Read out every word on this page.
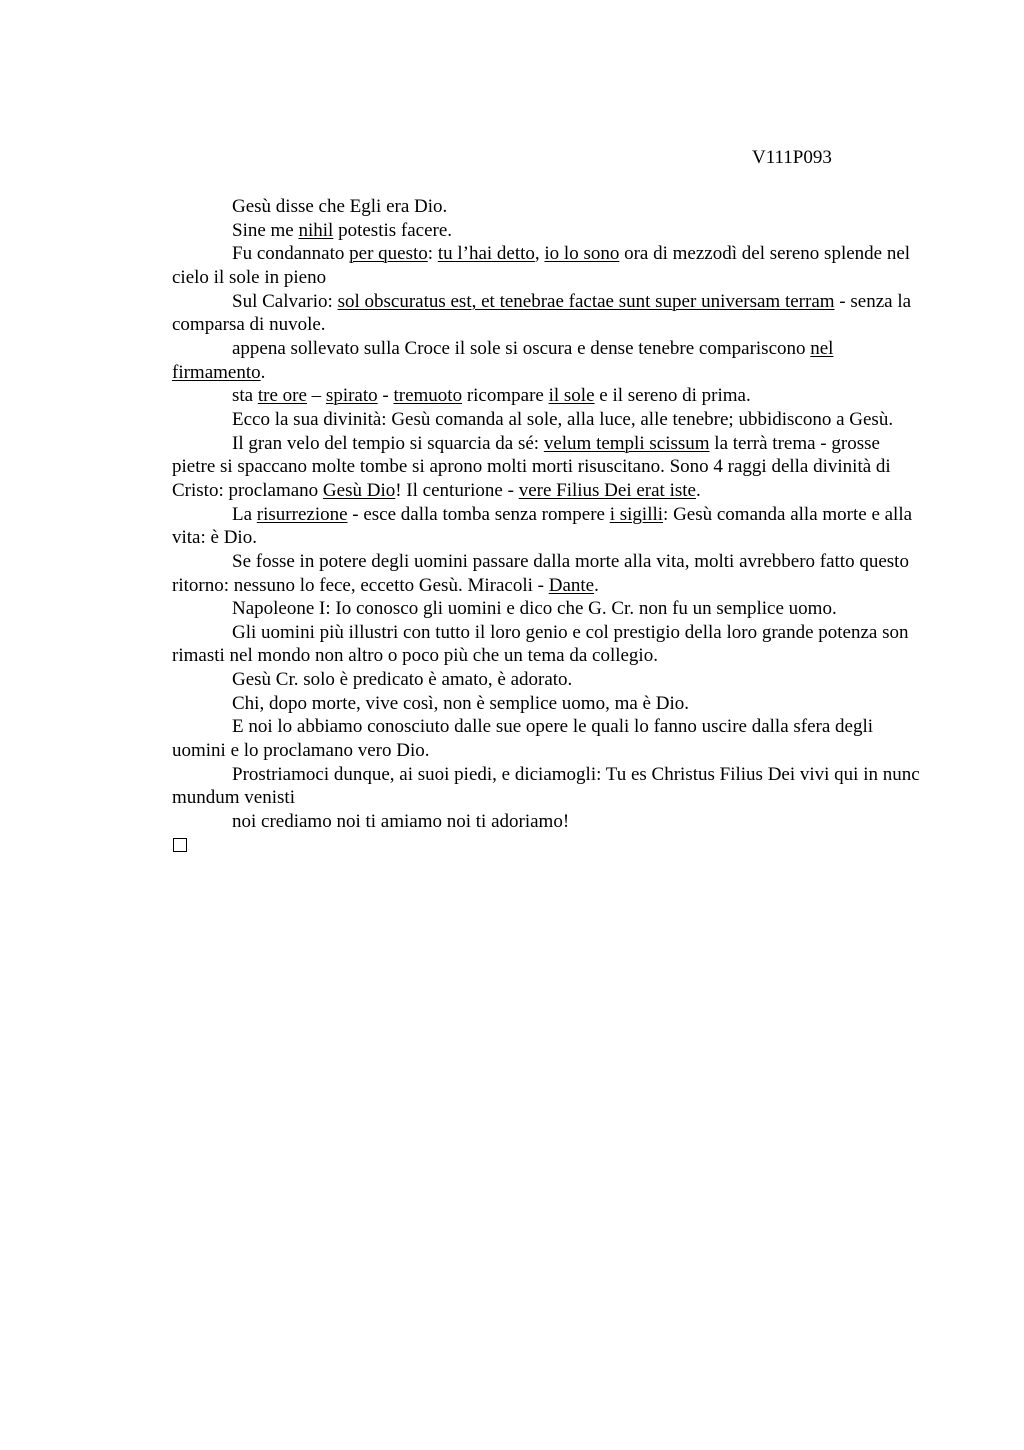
V111P093

Gesù disse che Egli era Dio.

Sine me nihil potestis facere.

Fu condannato per questo: tu l’hai detto, io lo sono ora di mezzodì del sereno splende nel cielo il sole in pieno

Sul Calvario: sol obscuratus est, et tenebrae factae sunt super universam terram - senza la comparsa di nuvole.

appena sollevato sulla Croce il sole si oscura e dense tenebre compariscono nel firmamento.

sta tre ore – spirato - tremuoto ricompare il sole e il sereno di prima.

Ecco la sua divinità: Gesù comanda al sole, alla luce, alle tenebre; ubbidiscono a Gesù.

Il gran velo del tempio si squarcia da sé: velum templi scissum la terrà trema - grosse pietre si spaccano molte tombe si aprono molti morti risuscitano. Sono 4 raggi della divinità di Cristo: proclamano Gesù Dio! Il centurione - vere Filius Dei erat iste.

La risurrezione - esce dalla tomba senza rompere i sigilli: Gesù comanda alla morte e alla vita: è Dio.

Se fosse in potere degli uomini passare dalla morte alla vita, molti avrebbero fatto questo ritorno: nessuno lo fece, eccetto Gesù. Miracoli - Dante.

Napoleone I: Io conosco gli uomini e dico che G. Cr. non fu un semplice uomo.

Gli uomini più illustri con tutto il loro genio e col prestigio della loro grande potenza son rimasti nel mondo non altro o poco più che un tema da collegio.

Gesù Cr. solo è predicato è amato, è adorato.

Chi, dopo morte, vive così, non è semplice uomo, ma è Dio.

E noi lo abbiamo conosciuto dalle sue opere le quali lo fanno uscire dalla sfera degli uomini e lo proclamano vero Dio.

Prostriamoci dunque, ai suoi piedi, e diciamogli: Tu es Christus Filius Dei vivi qui in nunc mundum venisti

noi crediamo noi ti amiamo noi ti adoriamo!
